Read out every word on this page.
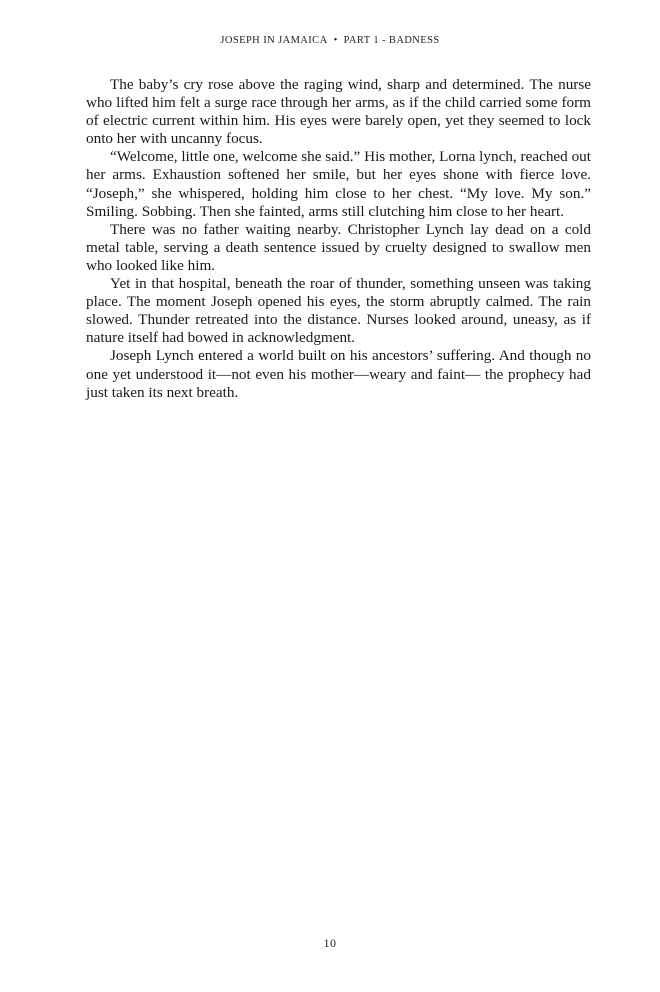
JOSEPH IN JAMAICA • PART 1 - BADNESS

The baby’s cry rose above the raging wind, sharp and determined. The nurse who lifted him felt a surge race through her arms, as if the child carried some form of electric current within him. His eyes were barely open, yet they seemed to lock onto her with uncanny focus.

“Welcome, little one, welcome she said.” His mother, Lorna lynch, reached out her arms. Exhaustion softened her smile, but her eyes shone with fierce love. “Joseph,” she whispered, holding him close to her chest. “My love. My son.” Smiling. Sobbing. Then she fainted, arms still clutching him close to her heart.

There was no father waiting nearby. Christopher Lynch lay dead on a cold metal table, serving a death sentence issued by cruelty designed to swallow men who looked like him.

Yet in that hospital, beneath the roar of thunder, something unseen was taking place. The moment Joseph opened his eyes, the storm abruptly calmed. The rain slowed. Thunder retreated into the distance. Nurses looked around, uneasy, as if nature itself had bowed in acknowledgment.

Joseph Lynch entered a world built on his ancestors’ suffering. And though no one yet understood it—not even his mother—weary and faint— the prophecy had just taken its next breath.

10
